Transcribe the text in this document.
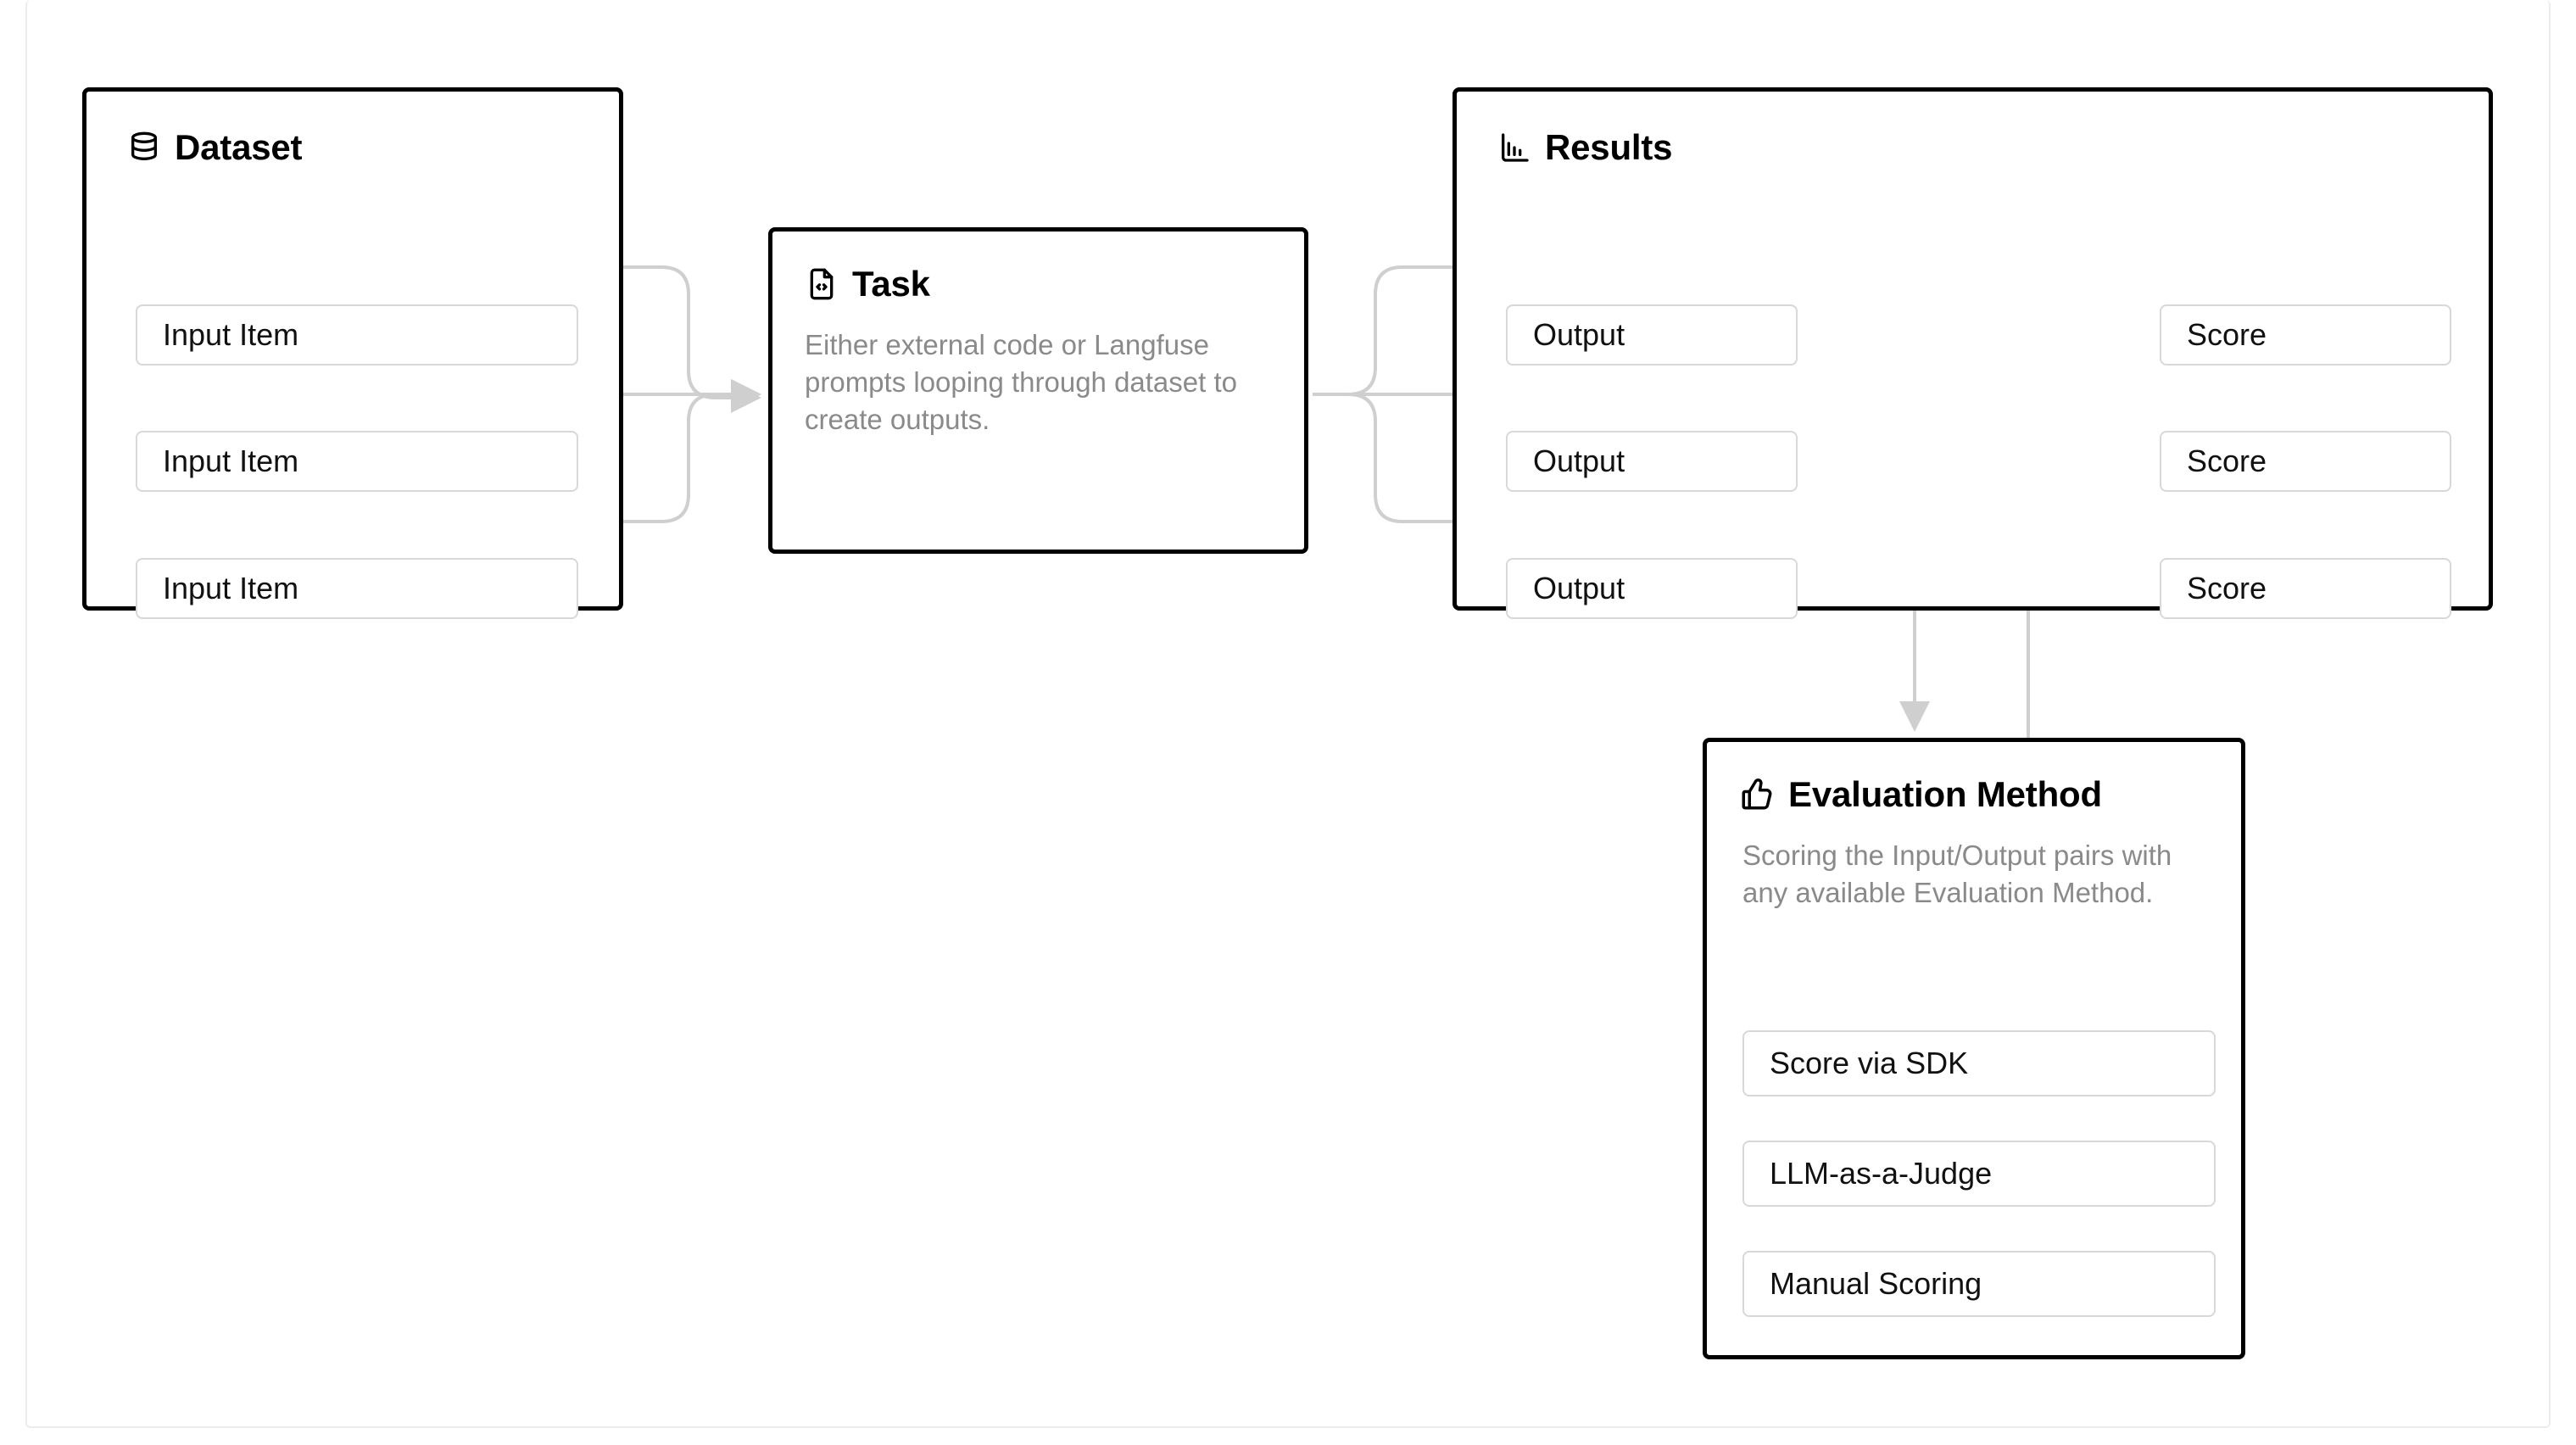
Dataset
Input Item
Input Item
Input Item
Task
Either external code or Langfuse prompts looping through dataset to create outputs.
Results
Output
Output
Output
Score
Score
Score
Evaluation Method
Scoring the Input/Output pairs with any available Evaluation Method.
Score via SDK
LLM-as-a-Judge
Manual Scoring
